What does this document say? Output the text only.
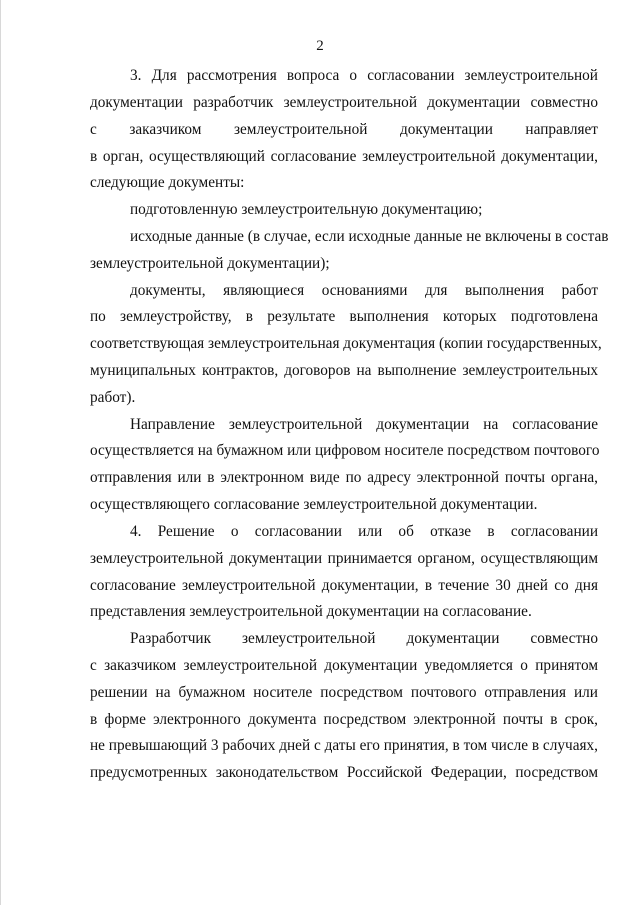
2
3. Для рассмотрения вопроса о согласовании землеустроительной
документации разработчик землеустроительной документации совместно
с заказчиком землеустроительной документации направляет
в орган, осуществляющий согласование землеустроительной документации,
следующие документы:
подготовленную землеустроительную документацию;
исходные данные (в случае, если исходные данные не включены в состав
землеустроительной документации);
документы, являющиеся основаниями для выполнения работ
по землеустройству, в результате выполнения которых подготовлена
соответствующая землеустроительная документация (копии государственных,
муниципальных контрактов, договоров на выполнение землеустроительных
работ).
Направление землеустроительной документации на согласование
осуществляется на бумажном или цифровом носителе посредством почтового
отправления или в электронном виде по адресу электронной почты органа,
осуществляющего согласование землеустроительной документации.
4. Решение о согласовании или об отказе в согласовании
землеустроительной документации принимается органом, осуществляющим
согласование землеустроительной документации, в течение 30 дней со дня
представления землеустроительной документации на согласование.
Разработчик землеустроительной документации совместно
с заказчиком землеустроительной документации уведомляется о принятом
решении на бумажном носителе посредством почтового отправления или
в форме электронного документа посредством электронной почты в срок,
не превышающий 3 рабочих дней с даты его принятия, в том числе в случаях,
предусмотренных законодательством Российской Федерации, посредством
